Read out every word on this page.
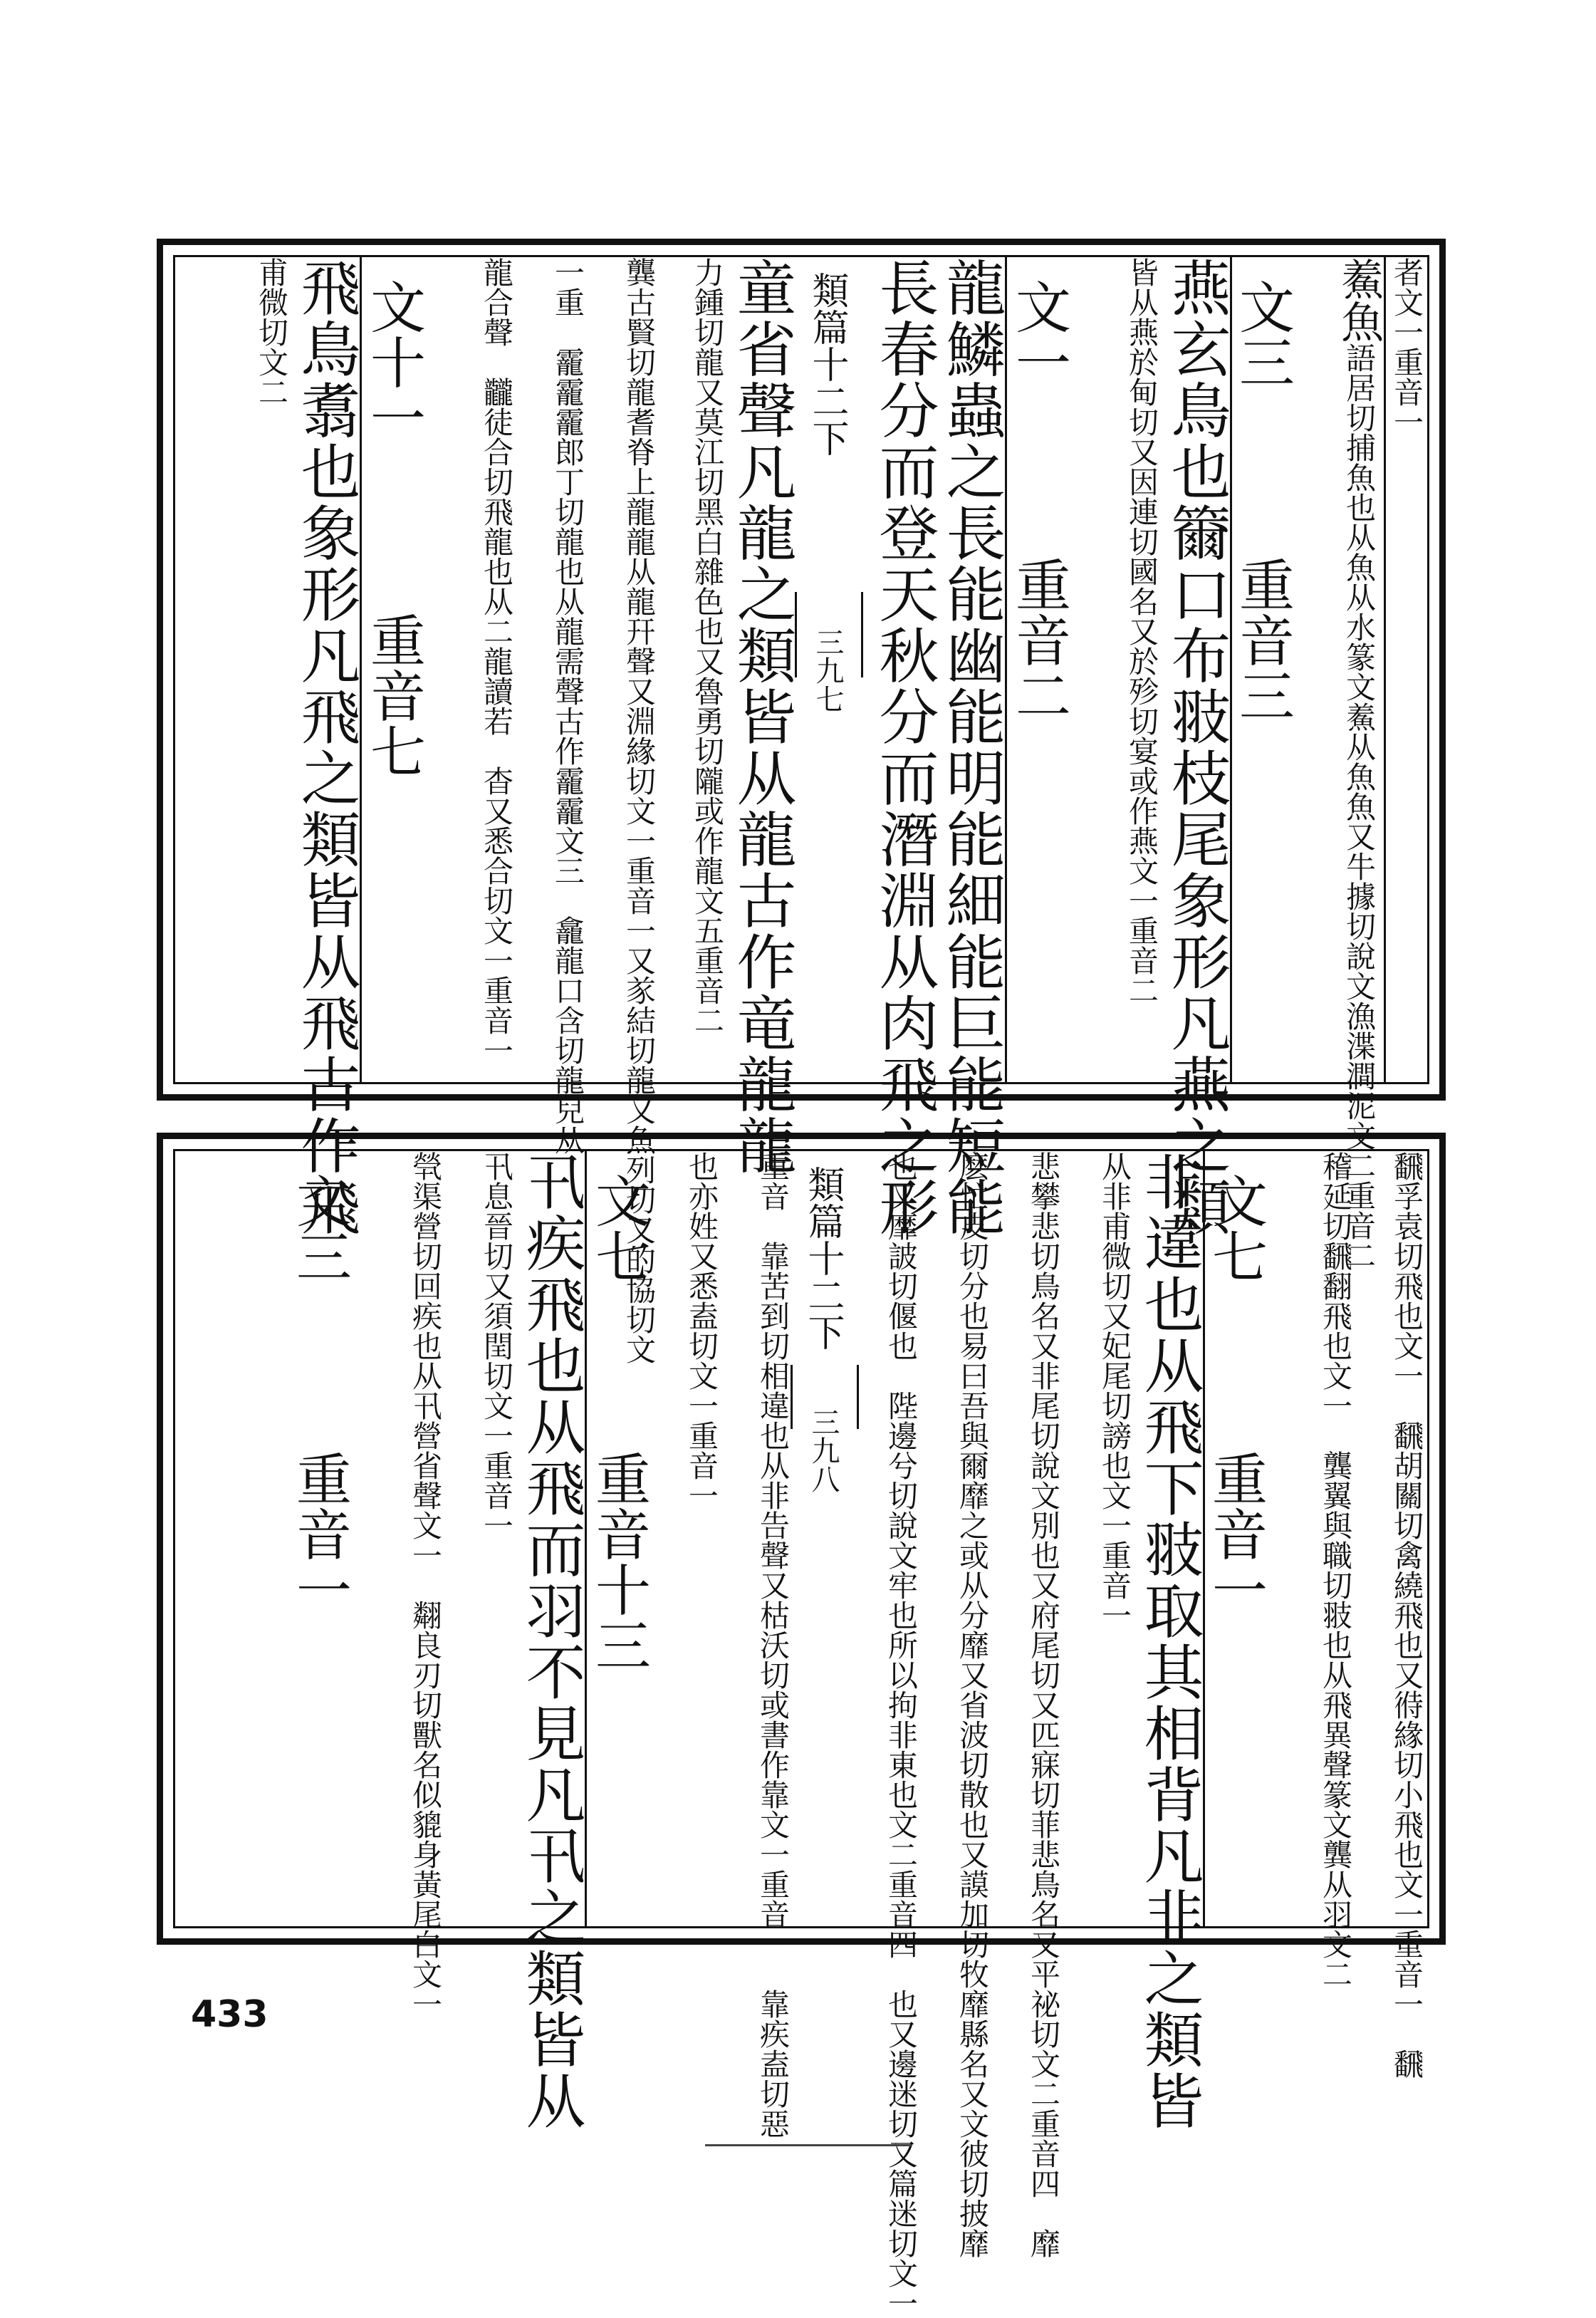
者文一重音一
鮺魚語居切捕魚也从魚从水篆文鮺从魚魚又牛據切說文漁渫澗泥文二重音二
文三　　　重音三
燕玄鳥也籋口布翄枝尾象形凡燕之類
皆从燕於甸切又因連切國名又於殄切宴或作燕文一重音二
文一　　　重音二
龍鱗蟲之長能幽能明能細能巨能短能
長春分而登天秋分而潛淵从肉飛之形
類篇十二下
三九七
童省聲凡龍之類皆从龍古作竜龍龍
力鍾切龍又莫江切黑白雜色也又魯勇切隴或作龍文五重音二
龔古賢切龍耆脊上龍龍从龍幵聲又淵緣切文一重音一又㒸結切龍又魚列切又的協切文
一重　靇靇靇郎丁切龍也从龍需聲古作靇靇文三　龕龍口含切龍兒从
龍合聲　龖徒合切飛龍也从二龍讀若　杳又悉合切文一重音一
文十一　　　重音七
飛鳥翥也象形凡飛之類皆从飛古作飛
甫微切文二
飜孚袁切飛也文一　飜胡關切禽繞飛也又㣥緣切小飛也文一重音一　飜
稽延切飜翻飛也文一　龔翼與職切翄也从飛異聲篆文龔从羽文二
文七　　　重音一
非違也从飛下翄取其相背凡非之類皆
从非甫微切又妃尾切謗也文一重音一
悲攀悲切鳥名又非尾切說文別也又府尾切又匹寐切菲悲鳥名又平祕切文二重音四　靡
麽忙皮切分也易曰吾與爾靡之或从分靡又省波切散也又謨加切牧靡縣名又文彼切披靡
也又靡詖切偃也　陛邊兮切說文牢也所以拘非東也文二重音四　也又邊迷切又篇迷切文一
類篇十二下
三九八
重音　靠苦到切相違也从非告聲又枯沃切或書作靠文一重音一　靠疾盍切惡
也亦姓又悉盍切文一重音一
文七　　　重音十三
卂疾飛也从飛而羽不見凡卂之類皆从
卂息晉切又須閏切文一重音一
煢渠營切回疾也从卂營省聲文一　翷良刃切獸名似貔身黃尾白文一
文三　　　重音一
433
